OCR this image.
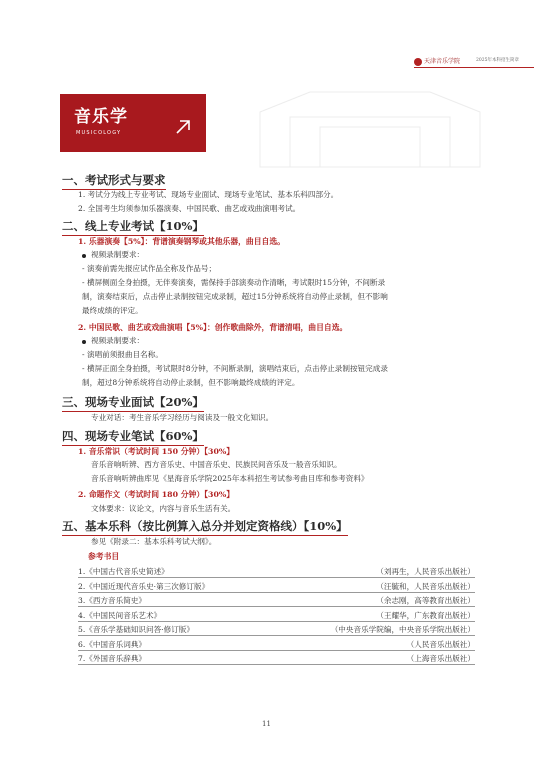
天津音乐学院	2025年本科招生简章
音乐学
MUSICOLOGY
一、考试形式与要求
1. 考试分为线上专业考试、现场专业面试、现场专业笔试、基本乐科四部分。
2. 全国考生均须参加乐器演奏、中国民歌、曲艺或戏曲演唱考试。
二、线上专业考试【10%】
1. 乐器演奏【5%】：背谱演奏钢琴或其他乐器，曲目自选。
视频录制要求：
- 演奏前需先报应试作品全称及作品号；
- 横屏侧面全身拍摄，无伴奏演奏，需保持手部演奏动作清晰，考试限时15分钟，不间断录
制，演奏结束后，点击停止录制按钮完成录制，超过15分钟系统将自动停止录制，但不影响
最终成绩的评定。
2. 中国民歌、曲艺或戏曲演唱【5%】：创作歌曲除外，背谱清唱，曲目自选。
视频录制要求：
- 演唱前须报曲目名称。
- 横屏正面全身拍摄，考试限时8分钟，不间断录制，演唱结束后，点击停止录制按钮完成录
制，超过8分钟系统将自动停止录制，但不影响最终成绩的评定。
三、现场专业面试【20%】
专业对话：考生音乐学习经历与阅读及一般文化知识。
四、现场专业笔试【60%】
1. 音乐常识（考试时间 150 分钟）【30%】
音乐音响听辨、西方音乐史、中国音乐史、民族民间音乐及一般音乐知识。
音乐音响听辨曲库见《星海音乐学院2025年本科招生考试参考曲目库和参考资料》
2. 命题作文（考试时间 180 分钟）【30%】
文体要求：议论文，内容与音乐生活有关。
五、基本乐科（按比例算入总分并划定资格线）【10%】
参见《附录二：基本乐科考试大纲》。
参考书目
1.《中国古代音乐史简述》	（刘再生，人民音乐出版社）
2.《中国近现代音乐史·第三次修订版》	（汪毓和，人民音乐出版社）
3.《西方音乐简史》	（余志刚，高等教育出版社）
4.《中国民间音乐艺术》	（王耀华，广东教育出版社）
5.《音乐学基础知识问答·修订版》	（中央音乐学院编，中央音乐学院出版社）
6.《中国音乐词典》	（人民音乐出版社）
7.《外国音乐辞典》	（上海音乐出版社）
11
